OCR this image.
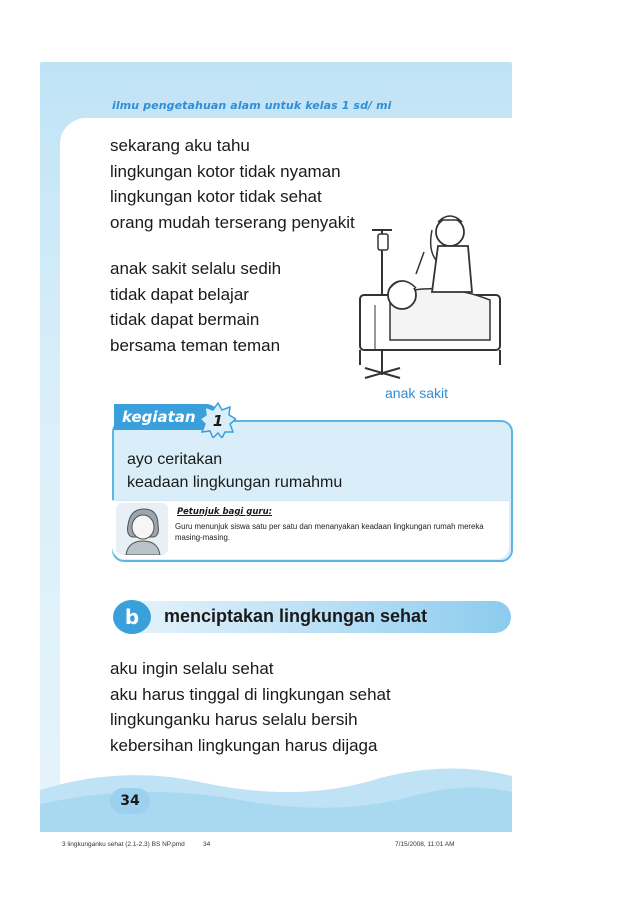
ilmu pengetahuan alam untuk kelas 1 sd/ mi
sekarang aku tahu
lingkungan kotor tidak nyaman
lingkungan kotor tidak sehat
orang mudah terserang penyakit
anak sakit selalu sedih
tidak dapat belajar
tidak dapat bermain
bersama teman teman
anak sakit
kegiatan	1
ayo ceritakan
keadaan lingkungan rumahmu
Petunjuk bagi guru:
Guru menunjuk siswa satu per satu dan menanyakan keadaan lingkungan rumah mereka masing-masing.
b	menciptakan lingkungan sehat
aku ingin selalu sehat
aku harus tinggal di lingkungan sehat
lingkunganku harus selalu bersih
kebersihan lingkungan harus dijaga
34
3 lingkunganku sehat (2.1-2.3) BS NP.pmd	34	7/15/2008, 11:01 AM
